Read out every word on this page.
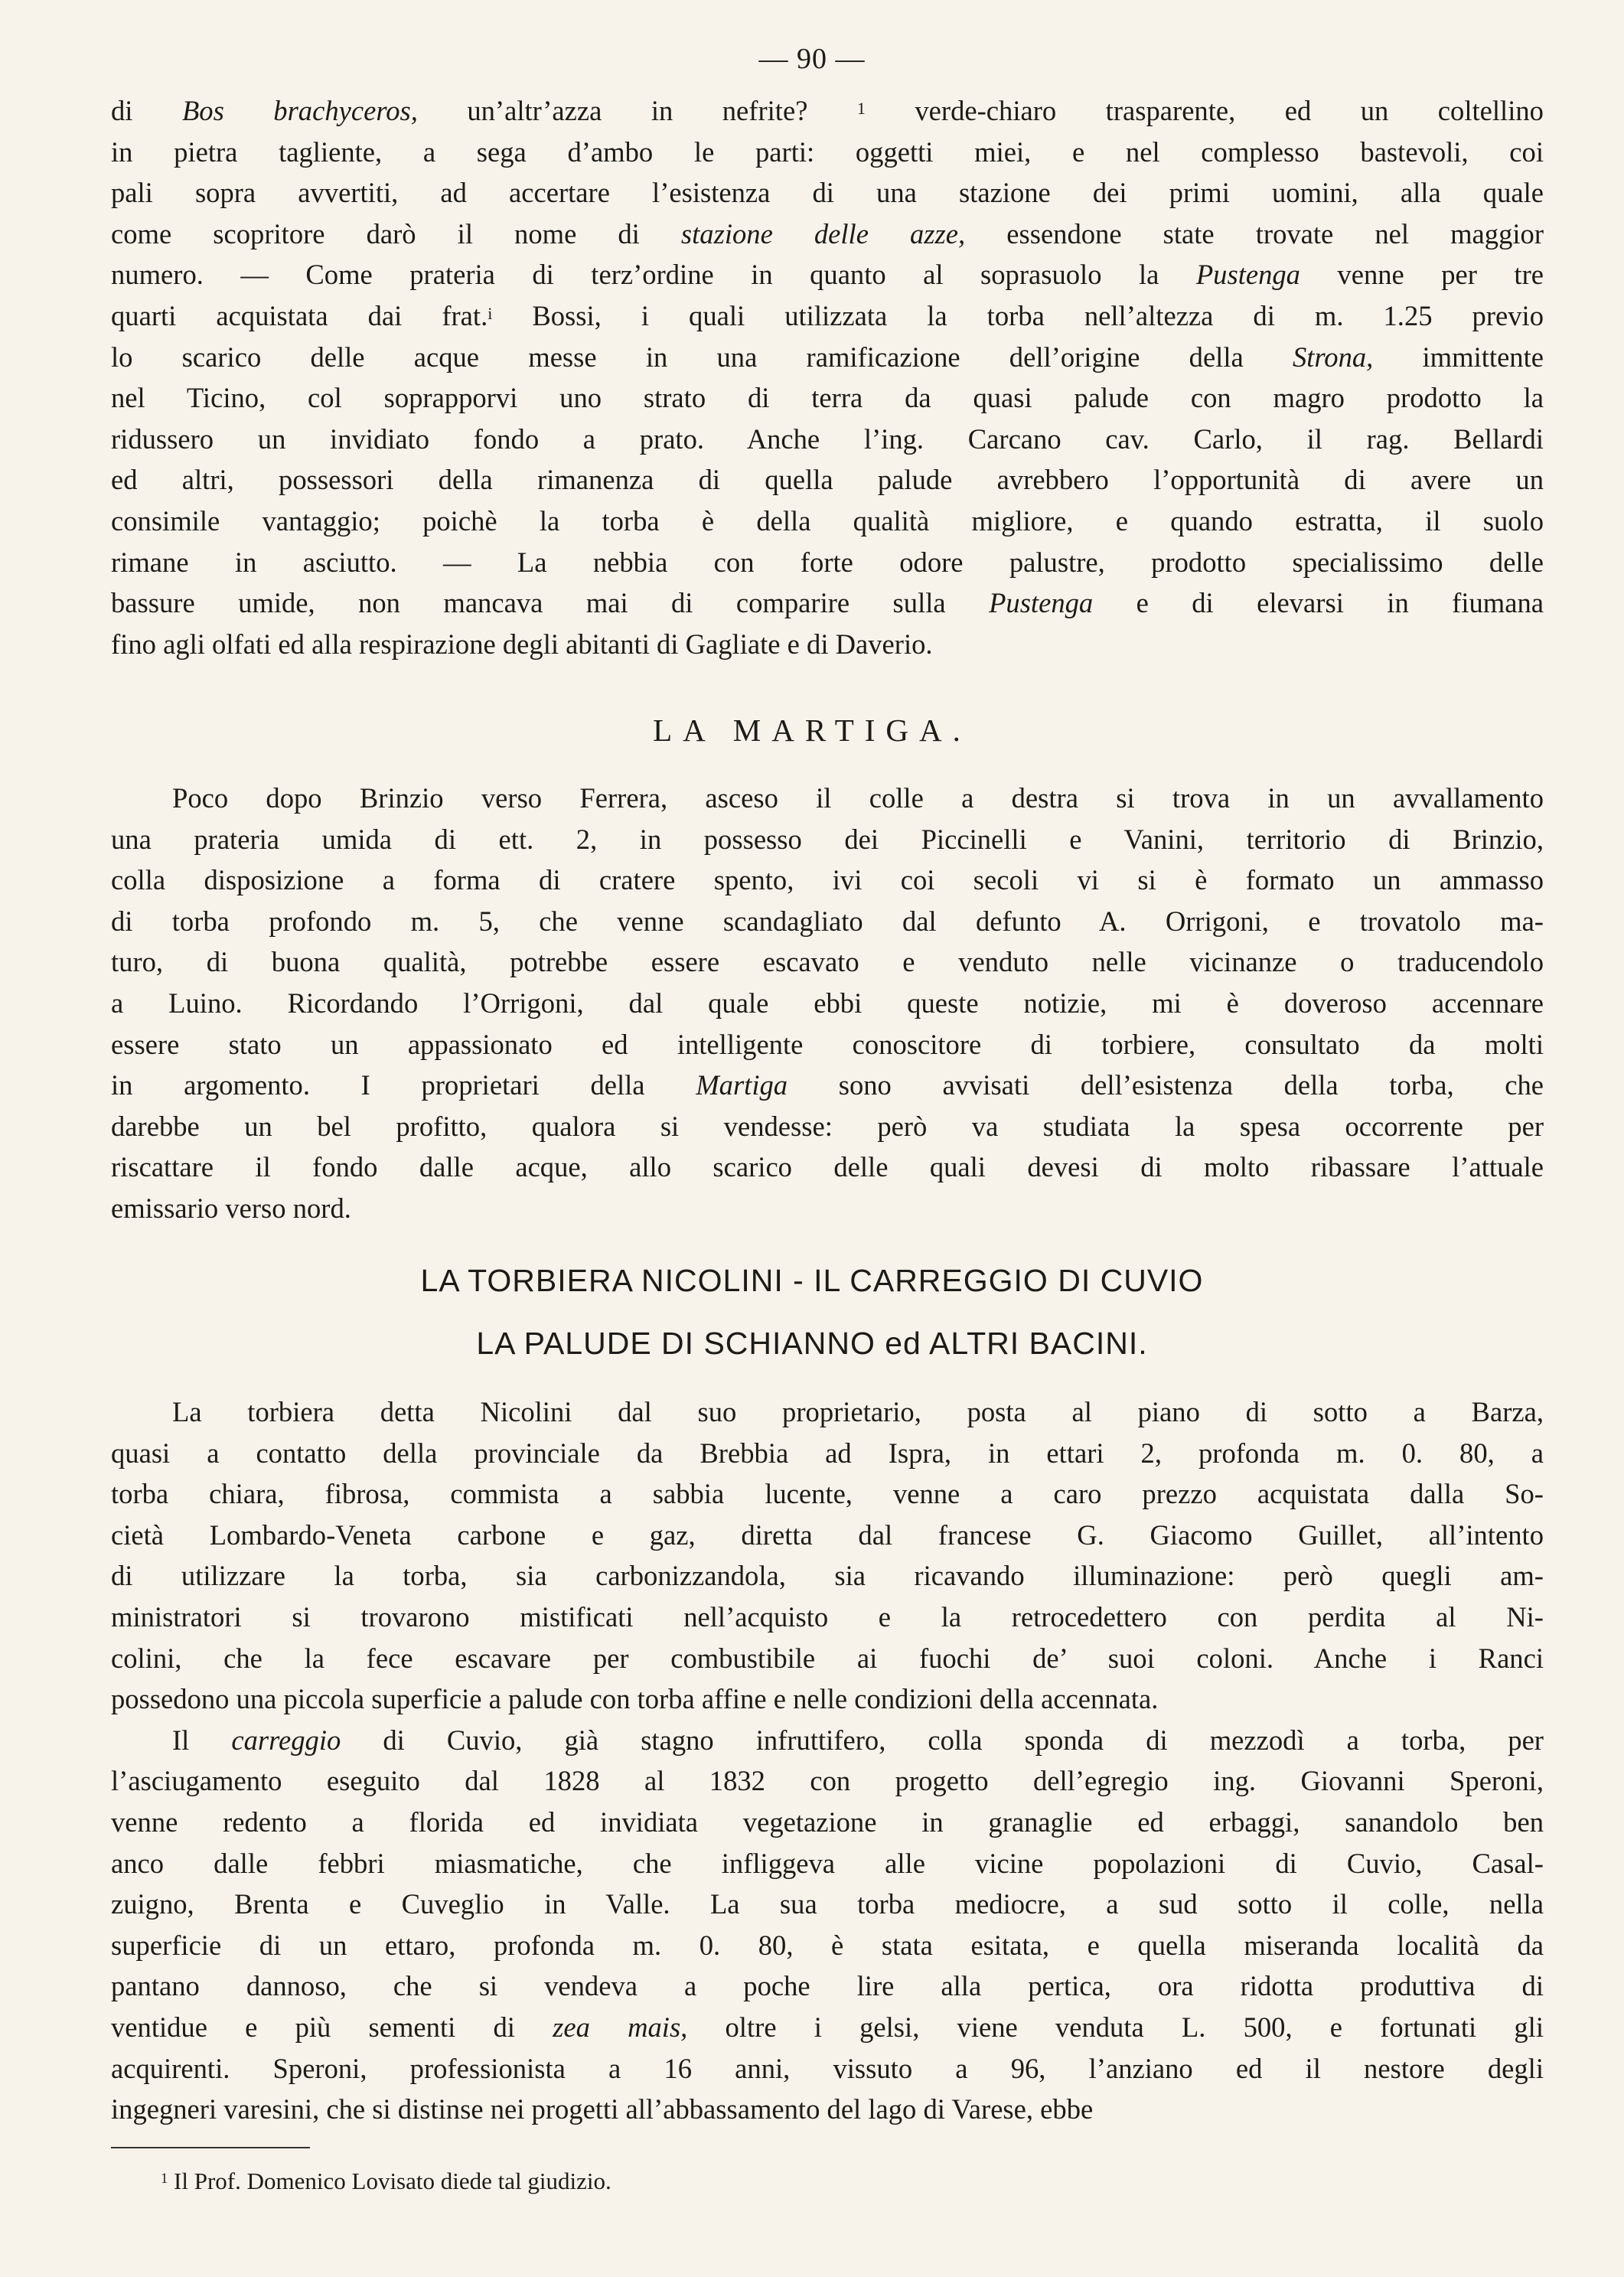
— 90 —

di Bos brachyceros, un’altr’azza in nefrite? $^1$ verde-chiaro trasparente, ed un coltellino

in pietra tagliente, a sega d’ambo le parti: oggetti miei, e nel complesso bastevoli, coi

pali sopra avvertiti, ad accertare l’esistenza di una stazione dei primi uomini, alla quale

come scopritore darò il nome di stazione delle azze, essendone state trovate nel maggior

numero. — Come prateria di terz’ordine in quanto al soprasuolo la Pustenga venne per tre

quarti acquistata dai frat.$^i$ Bossi, i quali utilizzata la torba nell’altezza di m. 1.25 previo

lo scarico delle acque messe in una ramificazione dell’origine della Strona, immittente

nel Ticino, col soprapporvi uno strato di terra da quasi palude con magro prodotto la

ridussero un invidiato fondo a prato. Anche l’ing. Carcano cav. Carlo, il rag. Bellardi

ed altri, possessori della rimanenza di quella palude avrebbero l’opportunità di avere un

consimile vantaggio; poichè la torba è della qualità migliore, e quando estratta, il suolo

rimane in asciutto. — La nebbia con forte odore palustre, prodotto specialissimo delle

bassure umide, non mancava mai di comparire sulla Pustenga e di elevarsi in fiumana

fino agli olfati ed alla respirazione degli abitanti di Gagliate e di Daverio.

LA MARTIGA.

Poco dopo Brinzio verso Ferrera, asceso il colle a destra si trova in un avvallamento

una prateria umida di ett. 2, in possesso dei Piccinelli e Vanini, territorio di Brinzio,

colla disposizione a forma di cratere spento, ivi coi secoli vi si è formato un ammasso

di torba profondo m. 5, che venne scandagliato dal defunto A. Orrigoni, e trovatolo ma-

turo, di buona qualità, potrebbe essere escavato e venduto nelle vicinanze o traducendolo

a Luino. Ricordando l’Orrigoni, dal quale ebbi queste notizie, mi è doveroso accennare

essere stato un appassionato ed intelligente conoscitore di torbiere, consultato da molti

in argomento. I proprietari della Martiga sono avvisati dell’esistenza della torba, che

darebbe un bel profitto, qualora si vendesse: però va studiata la spesa occorrente per

riscattare il fondo dalle acque, allo scarico delle quali devesi di molto ribassare l’attuale

emissario verso nord.

LA TORBIERA NICOLINI - IL CARREGGIO DI CUVIO
LA PALUDE DI SCHIANNO ed ALTRI BACINI.

La torbiera detta Nicolini dal suo proprietario, posta al piano di sotto a Barza,

quasi a contatto della provinciale da Brebbia ad Ispra, in ettari 2, profonda m. 0. 80, a

torba chiara, fibrosa, commista a sabbia lucente, venne a caro prezzo acquistata dalla So-

cietà Lombardo-Veneta carbone e gaz, diretta dal francese G. Giacomo Guillet, all’intento

di utilizzare la torba, sia carbonizzandola, sia ricavando illuminazione: però quegli am-

ministratori si trovarono mistificati nell’acquisto e la retrocedettero con perdita al Ni-

colini, che la fece escavare per combustibile ai fuochi de’ suoi coloni. Anche i Ranci

possedono una piccola superficie a palude con torba affine e nelle condizioni della accennata.

Il carreggio di Cuvio, già stagno infruttifero, colla sponda di mezzodì a torba, per

l’asciugamento eseguito dal 1828 al 1832 con progetto dell’egregio ing. Giovanni Speroni,

venne redento a florida ed invidiata vegetazione in granaglie ed erbaggi, sanandolo ben

anco dalle febbri miasmatiche, che infliggeva alle vicine popolazioni di Cuvio, Casal-

zuigno, Brenta e Cuveglio in Valle. La sua torba mediocre, a sud sotto il colle, nella

superficie di un ettaro, profonda m. 0. 80, è stata esitata, e quella miseranda località da

pantano dannoso, che si vendeva a poche lire alla pertica, ora ridotta produttiva di

ventidue e più sementi di zea mais, oltre i gelsi, viene venduta L. 500, e fortunati gli

acquirenti. Speroni, professionista a 16 anni, vissuto a 96, l’anziano ed il nestore degli

ingegneri varesini, che si distinse nei progetti all’abbassamento del lago di Varese, ebbe

$^1$ Il Prof. Domenico Lovisato diede tal giudizio.
